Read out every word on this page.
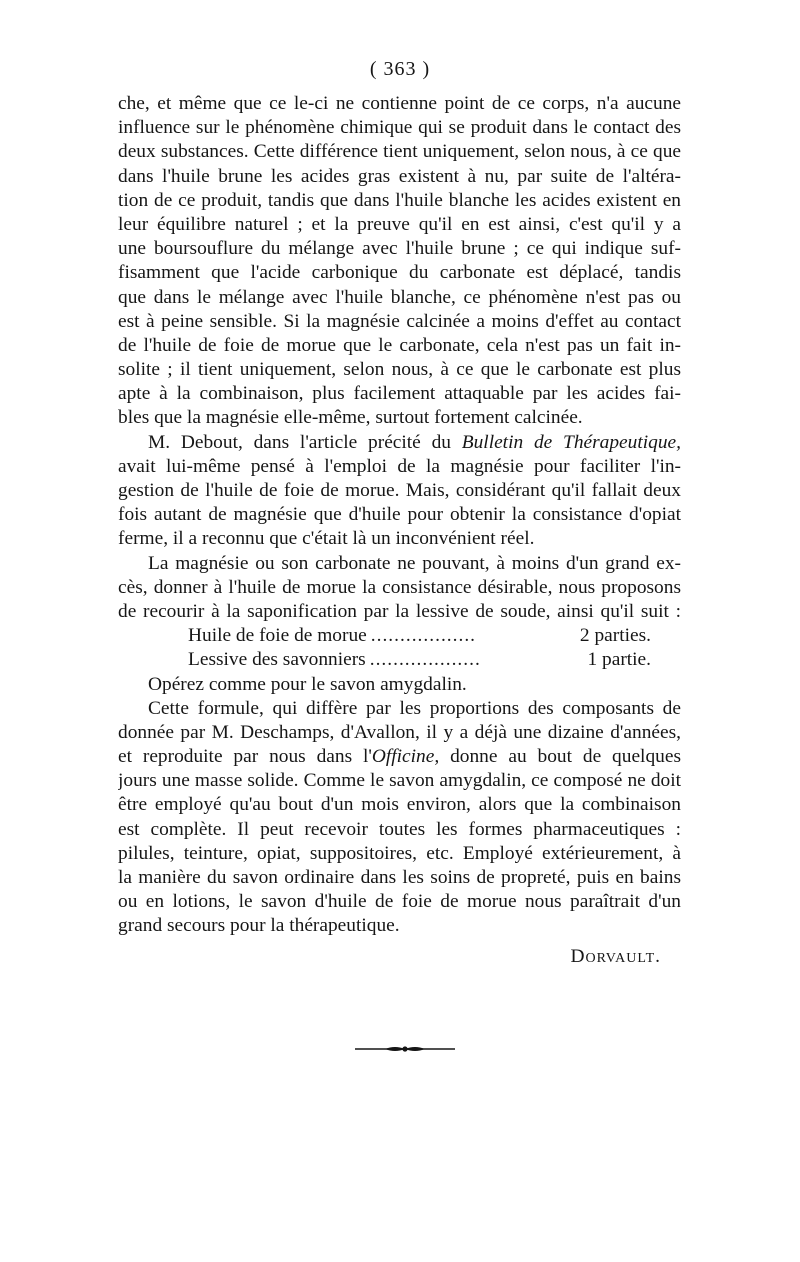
( 363 )
che, et même que ce le-ci ne contienne point de ce corps, n'a aucune
influence sur le phénomène chimique qui se produit dans le contact des
deux substances. Cette différence tient uniquement, selon nous, à ce que
dans l'huile brune les acides gras existent à nu, par suite de l'altéra-
tion de ce produit, tandis que dans l'huile blanche les acides existent en
leur équilibre naturel ; et la preuve qu'il en est ainsi, c'est qu'il y a
une boursouflure du mélange avec l'huile brune ; ce qui indique suf-
fisamment que l'acide carbonique du carbonate est déplacé, tandis
que dans le mélange avec l'huile blanche, ce phénomène n'est pas ou
est à peine sensible. Si la magnésie calcinée a moins d'effet au contact
de l'huile de foie de morue que le carbonate, cela n'est pas un fait in-
solite ; il tient uniquement, selon nous, à ce que le carbonate est plus
apte à la combinaison, plus facilement attaquable par les acides fai-
bles que la magnésie elle-même, surtout fortement calcinée.
M. Debout, dans l'article précité du Bulletin de Thérapeutique,
avait lui-même pensé à l'emploi de la magnésie pour faciliter l'in-
gestion de l'huile de foie de morue. Mais, considérant qu'il fallait deux
fois autant de magnésie que d'huile pour obtenir la consistance d'opiat
ferme, il a reconnu que c'était là un inconvénient réel.
La magnésie ou son carbonate ne pouvant, à moins d'un grand ex-
cès, donner à l'huile de morue la consistance désirable, nous proposons
de recourir à la saponification par la lessive de soude, ainsi qu'il suit :
Huile de foie de morue ..................	2 parties.
Lessive des savonniers ...................	1 partie.
Opérez comme pour le savon amygdalin.
Cette formule, qui diffère par les proportions des composants de
donnée par M. Deschamps, d'Avallon, il y a déjà une dizaine d'années,
et reproduite par nous dans l'Officine, donne au bout de quelques
jours une masse solide. Comme le savon amygdalin, ce composé ne doit
être employé qu'au bout d'un mois environ, alors que la combinaison
est complète. Il peut recevoir toutes les formes pharmaceutiques :
pilules, teinture, opiat, suppositoires, etc. Employé extérieurement, à
la manière du savon ordinaire dans les soins de propreté, puis en bains
ou en lotions, le savon d'huile de foie de morue nous paraîtrait d'un
grand secours pour la thérapeutique.
Dorvault.
